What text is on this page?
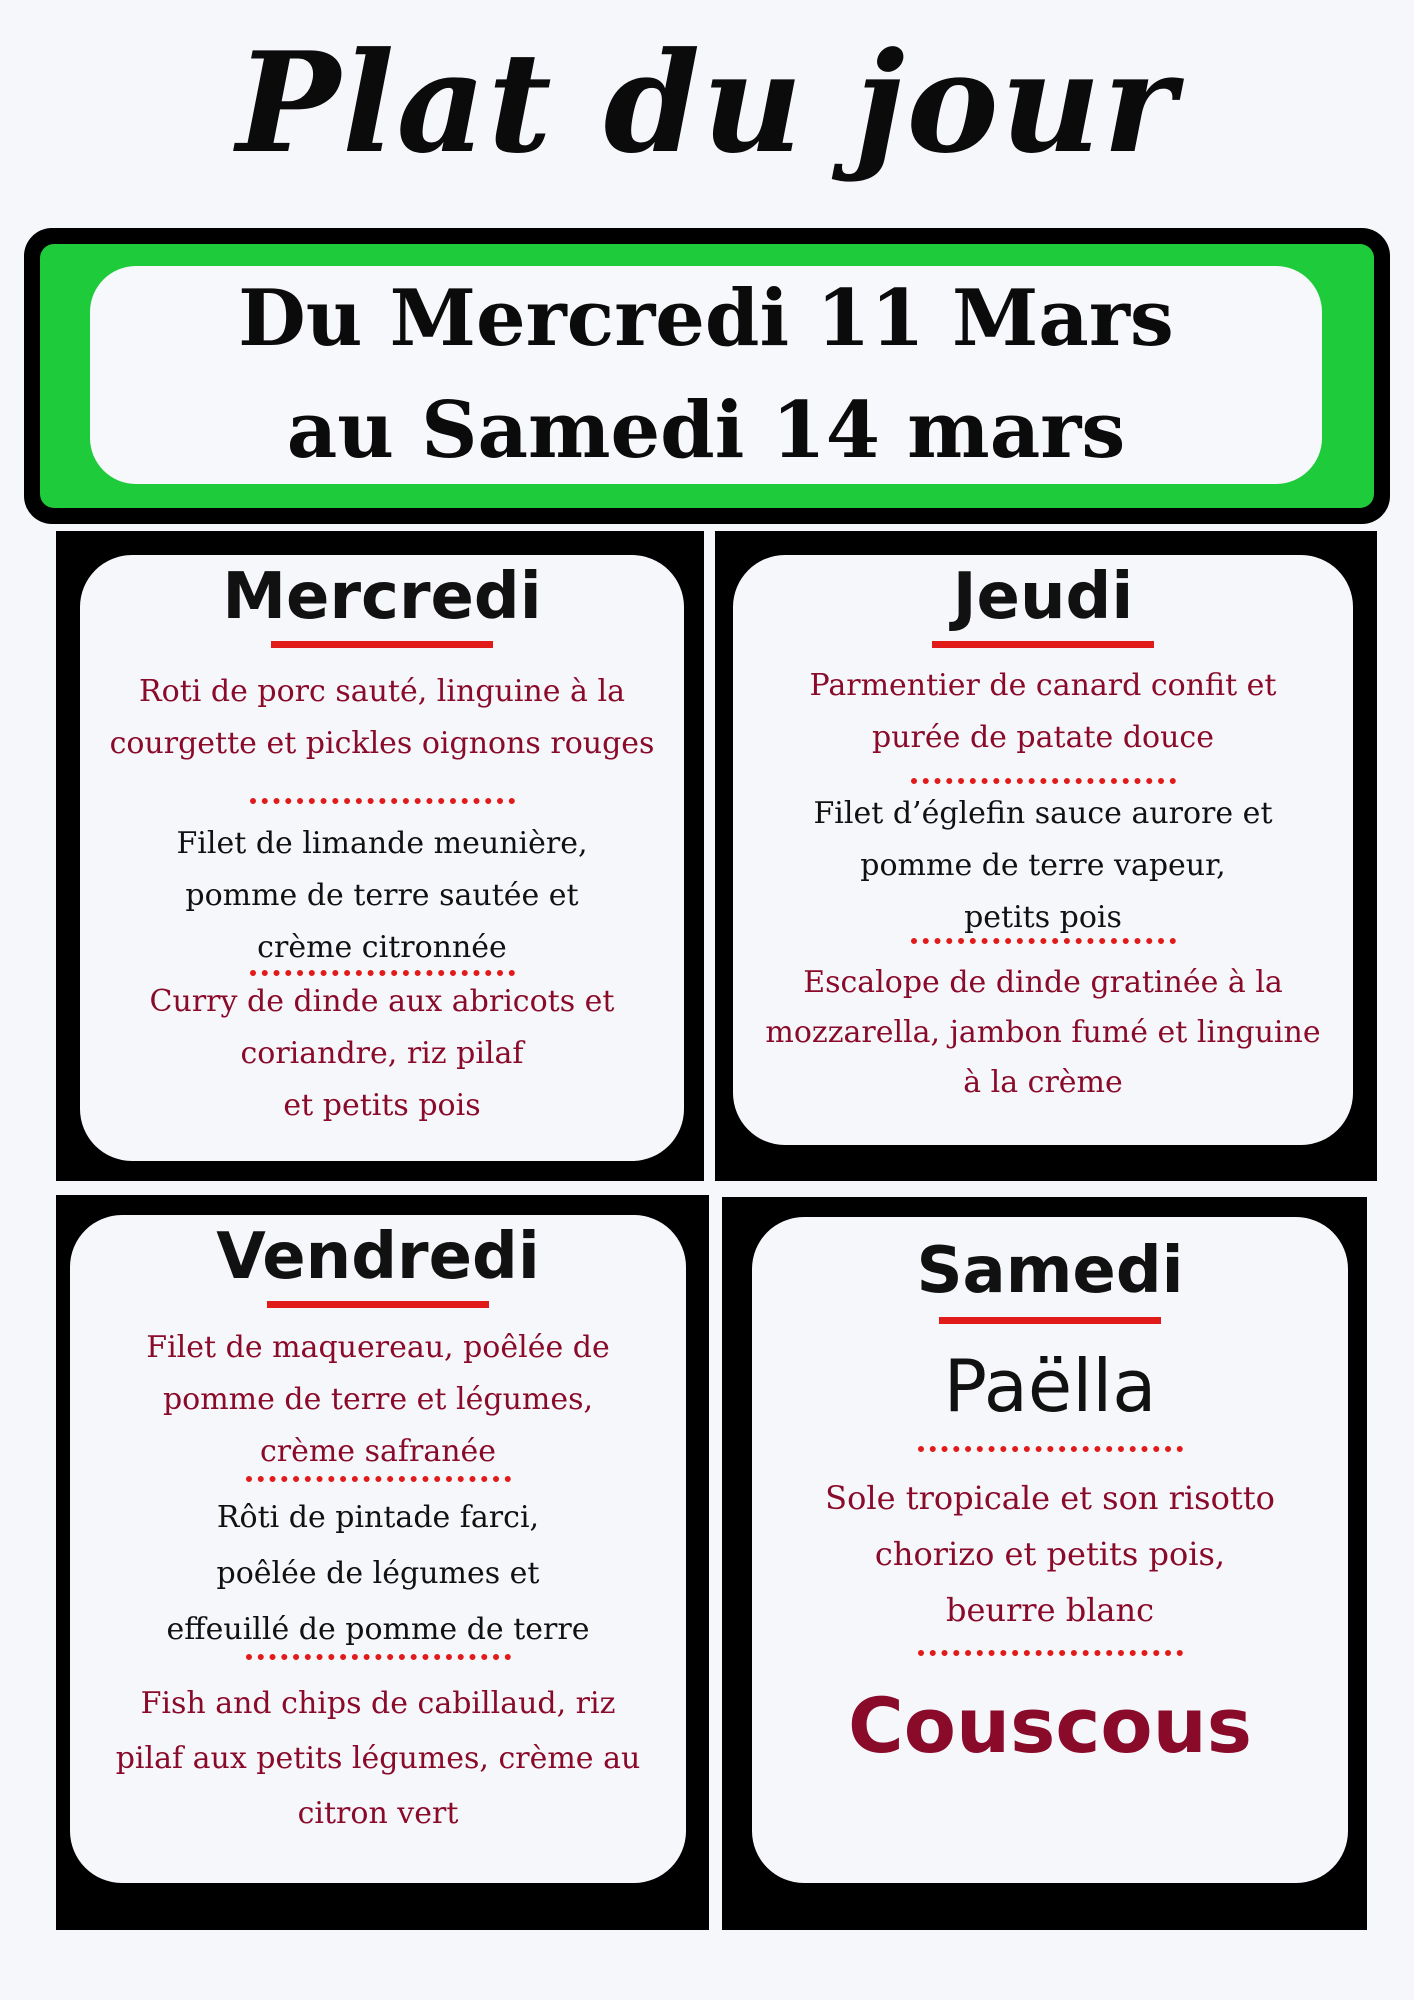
Plat du jour
Du Mercredi 11 Mars
au Samedi 14 mars
Mercredi
Roti de porc sauté, linguine à la
courgette et pickles oignons rouges
Filet de limande meunière,
pomme de terre sautée et
crème citronnée
Curry de dinde aux abricots et
coriandre, riz pilaf
et petits pois
Jeudi
Parmentier de canard confit et
purée de patate douce
Filet d’églefin sauce aurore et
pomme de terre vapeur,
petits pois
Escalope de dinde gratinée à la
mozzarella, jambon fumé et linguine
à la crème
Vendredi
Filet de maquereau, poêlée de
pomme de terre et légumes,
crème safranée
Rôti de pintade farci,
poêlée de légumes et
effeuillé de pomme de terre
Fish and chips de cabillaud, riz
pilaf aux petits légumes, crème au
citron vert
Samedi
Paëlla
Sole tropicale et son risotto
chorizo et petits pois,
beurre blanc
Couscous
